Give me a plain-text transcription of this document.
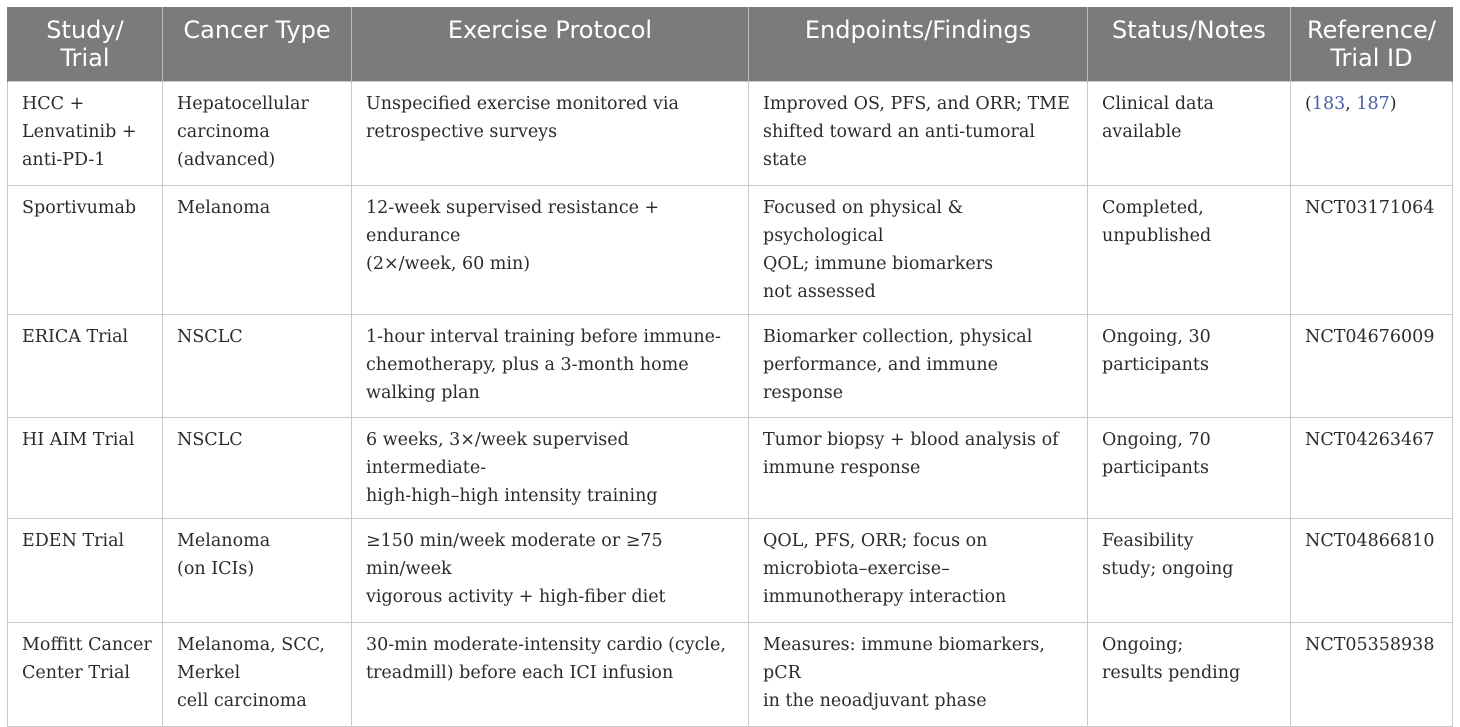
Study/
Trial	Cancer Type	Exercise Protocol	Endpoints/Findings	Status/Notes	Reference/
Trial ID

HCC +
Lenvatinib +
anti-PD-1	Hepatocellular
carcinoma
(advanced)	Unspecified exercise monitored via
retrospective surveys	Improved OS, PFS, and ORR; TME
shifted toward an anti-tumoral state	Clinical data
available	(183, 187)

Sportivumab	Melanoma	12-week supervised resistance + endurance
(2×/week, 60 min)	Focused on physical & psychological
QOL; immune biomarkers
not assessed	Completed,
unpublished	NCT03171064

ERICA Trial	NSCLC	1-hour interval training before immune-
chemotherapy, plus a 3-month home
walking plan	Biomarker collection, physical
performance, and immune response	Ongoing, 30
participants	NCT04676009

HI AIM Trial	NSCLC	6 weeks, 3×/week supervised intermediate-
high-high–high intensity training	Tumor biopsy + blood analysis of
immune response	Ongoing, 70
participants	NCT04263467

EDEN Trial	Melanoma
(on ICIs)	≥150 min/week moderate or ≥75 min/week
vigorous activity + high-fiber diet	QOL, PFS, ORR; focus on
microbiota–exercise–
immunotherapy interaction	Feasibility
study; ongoing	NCT04866810

Moffitt Cancer
Center Trial	Melanoma, SCC,
Merkel
cell carcinoma	30-min moderate-intensity cardio (cycle,
treadmill) before each ICI infusion	Measures: immune biomarkers, pCR
in the neoadjuvant phase	Ongoing;
results pending	NCT05358938
